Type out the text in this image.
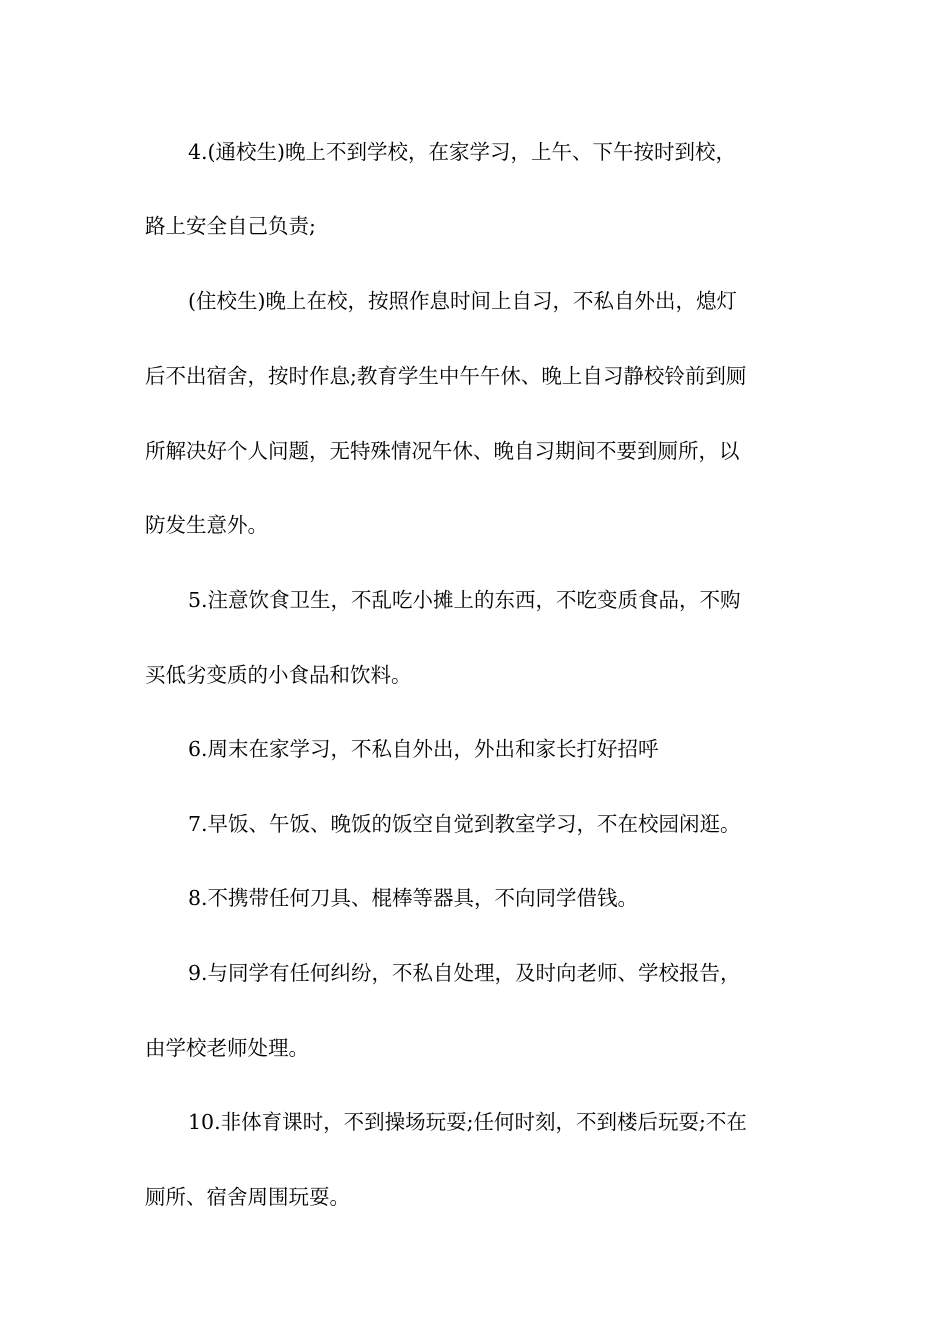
4.(通校生)晚上不到学校，在家学习，上午、下午按时到校，
路上安全自己负责;
(住校生)晚上在校，按照作息时间上自习，不私自外出，熄灯
后不出宿舍，按时作息;教育学生中午午休、晚上自习静校铃前到厕
所解决好个人问题，无特殊情况午休、晚自习期间不要到厕所，以
防发生意外。
5.注意饮食卫生，不乱吃小摊上的东西，不吃变质食品，不购
买低劣变质的小食品和饮料。
6.周末在家学习，不私自外出，外出和家长打好招呼
7.早饭、午饭、晚饭的饭空自觉到教室学习，不在校园闲逛。
8.不携带任何刀具、棍棒等器具，不向同学借钱。
9.与同学有任何纠纷，不私自处理，及时向老师、学校报告，
由学校老师处理。
10.非体育课时，不到操场玩耍;任何时刻，不到楼后玩耍;不在
厕所、宿舍周围玩耍。
